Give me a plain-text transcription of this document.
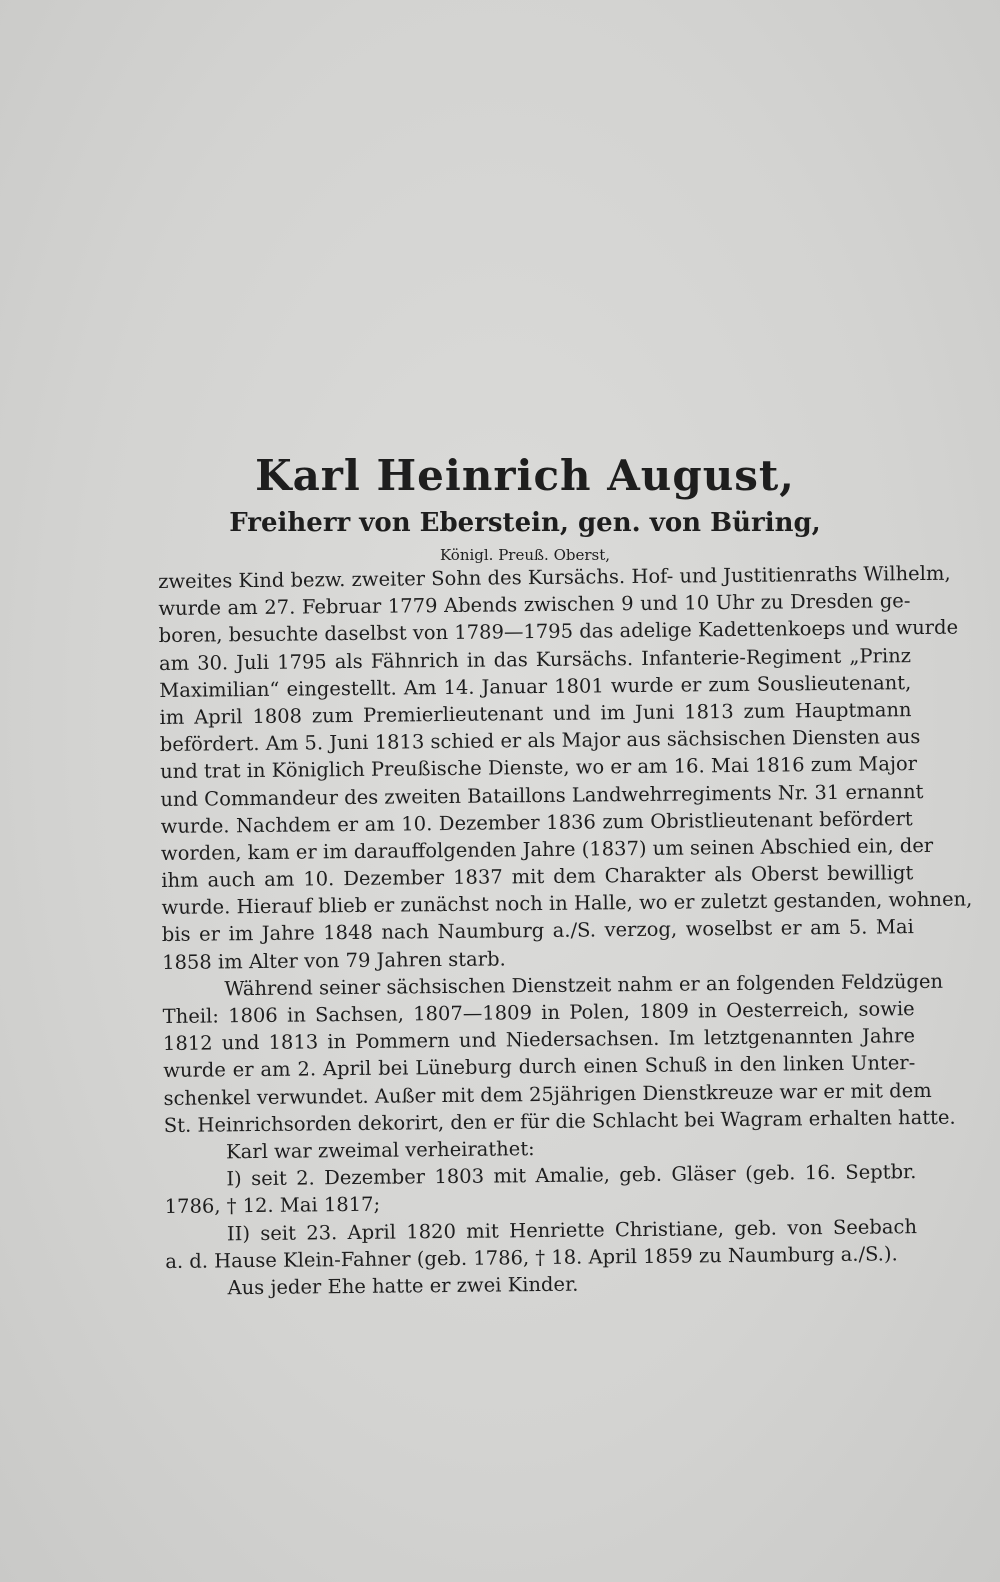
Karl Heinrich August,

Freiherr von Eberstein, gen. von Büring,

Königl. Preuß. Oberst,

zweites Kind bezw. zweiter Sohn des Kursächs. Hof- und Justitienraths Wilhelm,
wurde am 27. Februar 1779 Abends zwischen 9 und 10 Uhr zu Dresden ge-
boren, besuchte daselbst von 1789—1795 das adelige Kadettenkoeps und wurde
am 30. Juli 1795 als Fähnrich in das Kursächs. Infanterie-Regiment „Prinz
Maximilian“ eingestellt. Am 14. Januar 1801 wurde er zum Souslieutenant,
im April 1808 zum Premierlieutenant und im Juni 1813 zum Hauptmann
befördert. Am 5. Juni 1813 schied er als Major aus sächsischen Diensten aus
und trat in Königlich Preußische Dienste, wo er am 16. Mai 1816 zum Major
und Commandeur des zweiten Bataillons Landwehrregiments Nr. 31 ernannt
wurde. Nachdem er am 10. Dezember 1836 zum Obristlieutenant befördert
worden, kam er im darauffolgenden Jahre (1837) um seinen Abschied ein, der
ihm auch am 10. Dezember 1837 mit dem Charakter als Oberst bewilligt
wurde. Hierauf blieb er zunächst noch in Halle, wo er zuletzt gestanden, wohnen,
bis er im Jahre 1848 nach Naumburg a./S. verzog, woselbst er am 5. Mai
1858 im Alter von 79 Jahren starb.
Während seiner sächsischen Dienstzeit nahm er an folgenden Feldzügen
Theil: 1806 in Sachsen, 1807—1809 in Polen, 1809 in Oesterreich, sowie
1812 und 1813 in Pommern und Niedersachsen. Im letztgenannten Jahre
wurde er am 2. April bei Lüneburg durch einen Schuß in den linken Unter-
schenkel verwundet. Außer mit dem 25jährigen Dienstkreuze war er mit dem
St. Heinrichsorden dekorirt, den er für die Schlacht bei Wagram erhalten hatte.
Karl war zweimal verheirathet:
I) seit 2. Dezember 1803 mit Amalie, geb. Gläser (geb. 16. Septbr.
1786, † 12. Mai 1817;
II) seit 23. April 1820 mit Henriette Christiane, geb. von Seebach
a. d. Hause Klein-Fahner (geb. 1786, † 18. April 1859 zu Naumburg a./S.).
Aus jeder Ehe hatte er zwei Kinder.
